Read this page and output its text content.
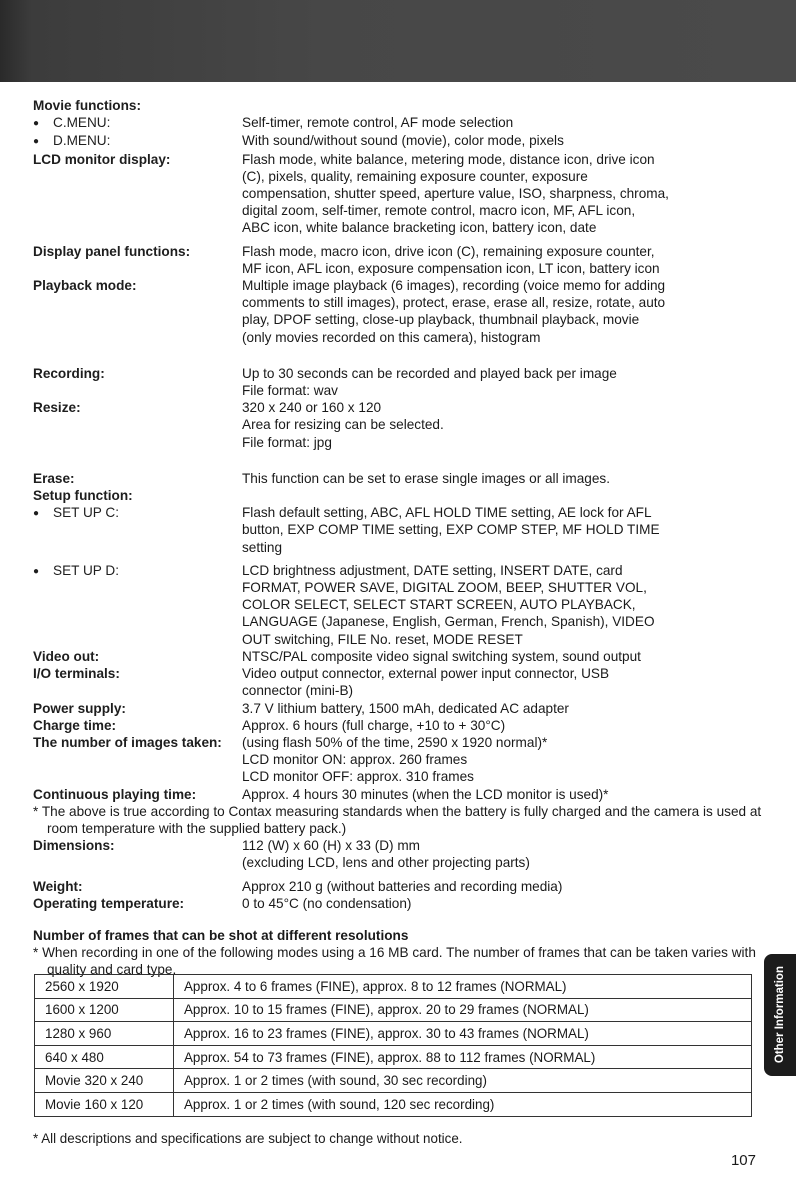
Movie functions:
● C.MENU:	Self-timer, remote control, AF mode selection
● D.MENU:	With sound/without sound (movie), color mode, pixels
LCD monitor display:	Flash mode, white balance, metering mode, distance icon, drive icon
(C), pixels, quality, remaining exposure counter, exposure
compensation, shutter speed, aperture value, ISO, sharpness, chroma,
digital zoom, self-timer, remote control, macro icon, MF, AFL icon,
ABC icon, white balance bracketing icon, battery icon, date
Display panel functions:	Flash mode, macro icon, drive icon (C), remaining exposure counter,
MF icon, AFL icon, exposure compensation icon, LT icon, battery icon
Playback mode:	Multiple image playback (6 images), recording (voice memo for adding
comments to still images), protect, erase, erase all, resize, rotate, auto
play, DPOF setting, close-up playback, thumbnail playback, movie
(only movies recorded on this camera), histogram
Recording:	Up to 30 seconds can be recorded and played back per image
File format: wav
Resize:	320 x 240 or 160 x 120
Area for resizing can be selected.
File format: jpg
Erase:	This function can be set to erase single images or all images.
Setup function:
● SET UP C:	Flash default setting, ABC, AFL HOLD TIME setting, AE lock for AFL
button, EXP COMP TIME setting, EXP COMP STEP, MF HOLD TIME
setting
● SET UP D:	LCD brightness adjustment, DATE setting, INSERT DATE, card
FORMAT, POWER SAVE, DIGITAL ZOOM, BEEP, SHUTTER VOL,
COLOR SELECT, SELECT START SCREEN, AUTO PLAYBACK,
LANGUAGE (Japanese, English, German, French, Spanish), VIDEO
OUT switching, FILE No. reset, MODE RESET
Video out:	NTSC/PAL composite video signal switching system, sound output
I/O terminals:	Video output connector, external power input connector, USB
connector (mini-B)
Power supply:	3.7 V lithium battery, 1500 mAh, dedicated AC adapter
Charge time:	Approx. 6 hours (full charge, +10 to + 30°C)
The number of images taken:	(using flash 50% of the time, 2590 x 1920 normal)*
LCD monitor ON: approx. 260 frames
LCD monitor OFF: approx. 310 frames
Continuous playing time:	Approx. 4 hours 30 minutes (when the LCD monitor is used)*
* The above is true according to Contax measuring standards when the battery is fully charged and the camera is used at room temperature with the supplied battery pack.)
Dimensions:	112 (W) x 60 (H) x 33 (D) mm
(excluding LCD, lens and other projecting parts)
Weight:	Approx 210 g (without batteries and recording media)
Operating temperature:	0 to 45°C (no condensation)
Number of frames that can be shot at different resolutions
* When recording in one of the following modes using a 16 MB card. The number of frames that can be taken varies with quality and card type.
2560 x 1920	Approx. 4 to 6 frames (FINE), approx. 8 to 12 frames (NORMAL)
1600 x 1200	Approx. 10 to 15 frames (FINE), approx. 20 to 29 frames (NORMAL)
1280 x 960	Approx. 16 to 23 frames (FINE), approx. 30 to 43 frames (NORMAL)
640 x 480	Approx. 54 to 73 frames (FINE), approx. 88 to 112 frames (NORMAL)
Movie 320 x 240	Approx. 1 or 2 times (with sound, 30 sec recording)
Movie 160 x 120	Approx. 1 or 2 times (with sound, 120 sec recording)
* All descriptions and specifications are subject to change without notice.
107
Other Information
